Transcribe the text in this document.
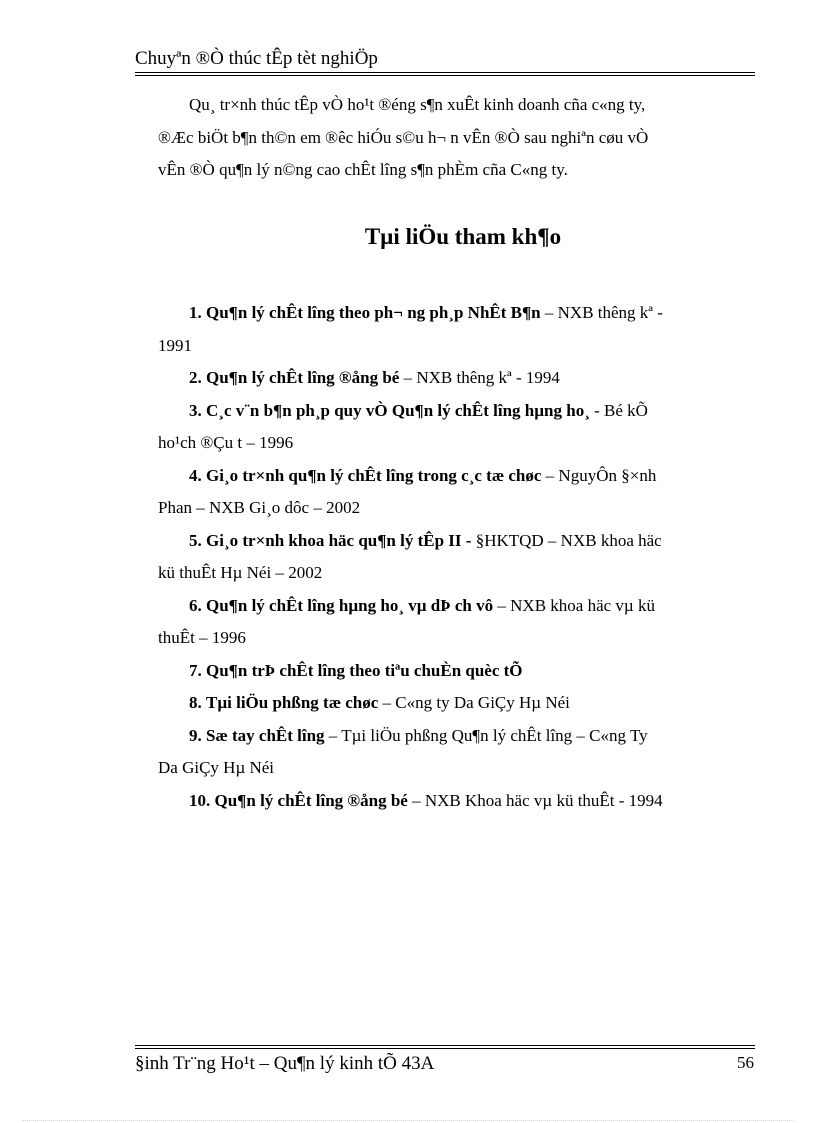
Chuyªn ®Ò thúc tÊp tèt nghiÖp
Qu¸ tr×nh thúc tÊp vÒ ho¹t ®éng s¶n xuÊt kinh doanh cña c«ng ty,
®Æc biÖt b¶n th©n em ®êc hiÓu s©u h¬ n vÊn ®Ò sau nghiªn cøu vÒ
vÊn ®Ò qu¶n lý n©ng cao chÊt lîng s¶n phÈm cña C«ng ty.
Tµi liÖu tham kh¶o
1. Qu¶n lý chÊt lîng theo ph¬ ng ph¸p NhÊt B¶n – NXB thêng kª -
1991
2. Qu¶n lý chÊt lîng ®ång bé – NXB thêng kª - 1994
3. C¸c v¨n b¶n ph¸p quy vÒ Qu¶n lý chÊt lîng hµng ho¸ - Bé kÕ
ho¹ch ®Çu t – 1996
4. Gi¸o tr×nh qu¶n lý chÊt lîng trong c¸c tæ chøc – NguyÔn §×nh
Phan – NXB Gi¸o dôc – 2002
5. Gi¸o tr×nh khoa häc qu¶n lý tÊp II - §HKTQD – NXB khoa häc
kü thuÊt Hµ Néi – 2002
6. Qu¶n lý chÊt lîng hµng ho¸ vµ dÞ ch vô – NXB khoa häc vµ kü
thuÊt – 1996
7. Qu¶n trÞ chÊt lîng theo tiªu chuÈn quèc tÕ
8. Tµi liÖu phßng tæ chøc – C«ng ty Da GiÇy Hµ Néi
9. Sæ tay chÊt lîng – Tµi liÖu phßng Qu¶n lý chÊt lîng – C«ng Ty
Da GiÇy Hµ Néi
10. Qu¶n lý chÊt lîng ®ång bé – NXB Khoa häc vµ kü thuÊt - 1994
§inh Tr¨ng Ho¹t – Qu¶n lý kinh tÕ 43A	56
